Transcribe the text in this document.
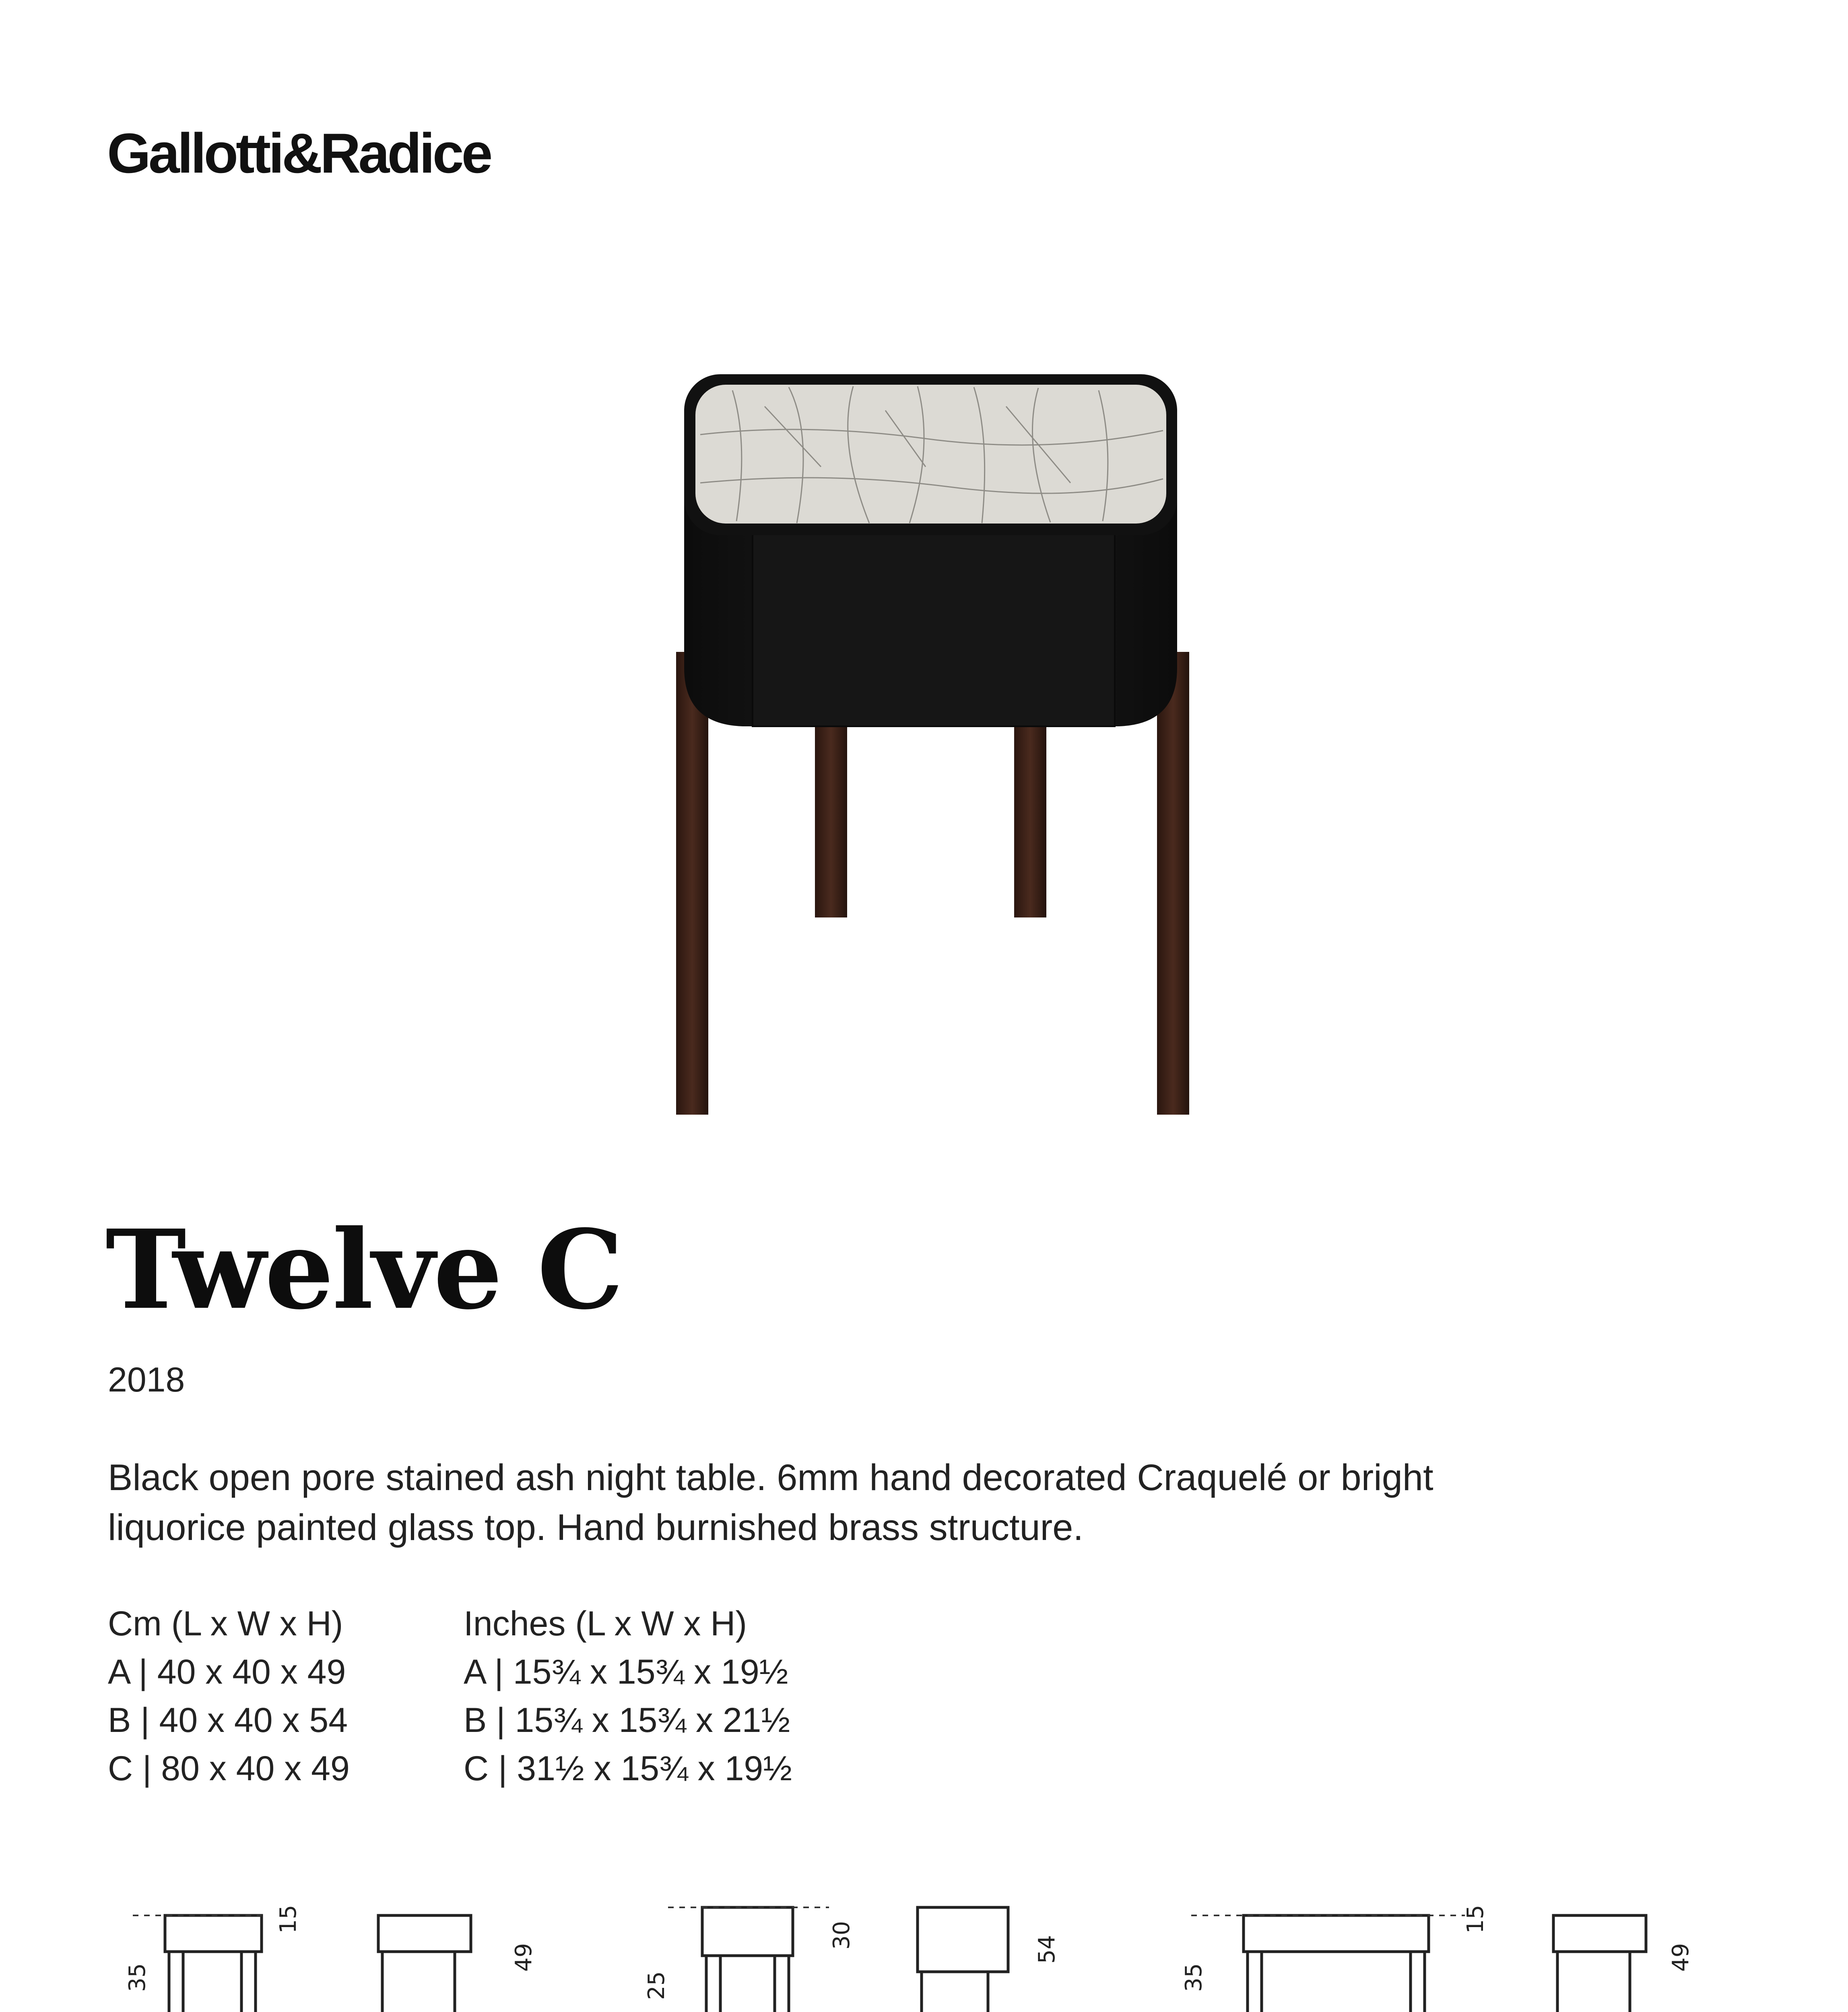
Gallotti&Radice
Twelve C
2018

Black open pore stained ash night table. 6mm hand decorated Craquelé or bright

liquorice painted glass top. Hand burnished brass structure.

Cm (L x W x H)
A | 40 x 40 x 49
B | 40 x 40 x 54
C | 80 x 40 x 49
Inches (L x W x H)
A | 15¾ x 15¾ x 19½
B | 15¾ x 15¾ x 21½
C | 31½ x 15¾ x 19½
15
35
49
30
25
54
15
35
49
